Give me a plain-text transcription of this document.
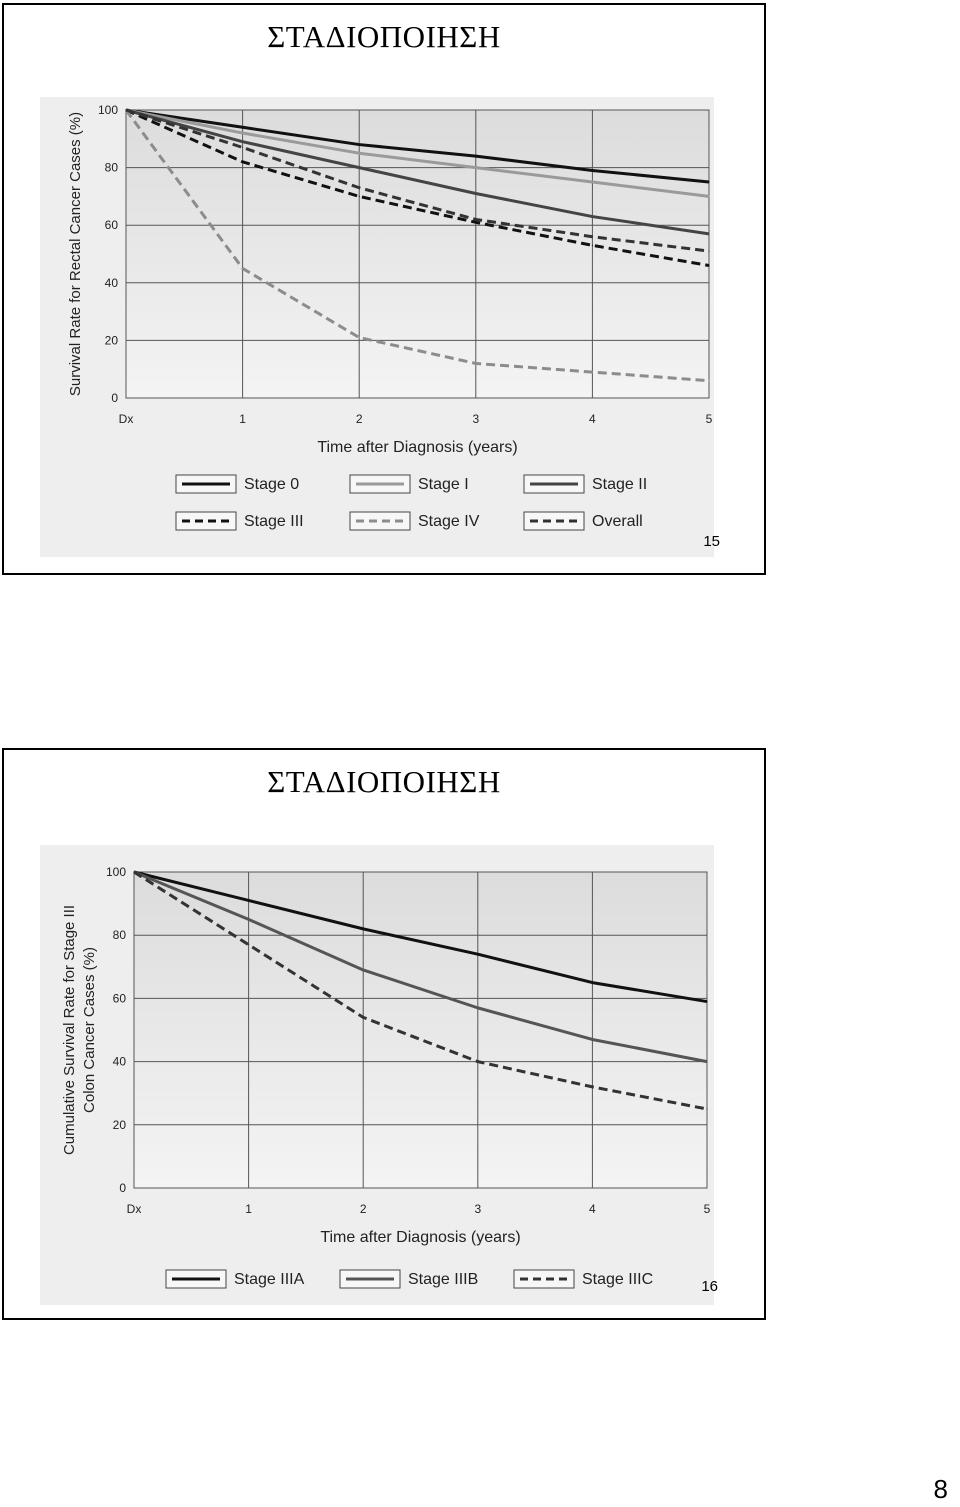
ΣΤΑΔΙΟΠΟΙΗΣΗ
0
20
40
60
80
100
Dx	1	2	3	4	5
Time after Diagnosis (years)
Survival Rate for Rectal Cancer Cases (%)
Stage 0	Stage I	Stage II
Stage III	Stage IV	Overall
15
ΣΤΑΔΙΟΠΟΙΗΣΗ
0
20
40
60
80
100
Dx	1	2	3	4	5
Time after Diagnosis (years)
Cumulative Survival Rate for Stage III Colon Cancer Cases (%)
Stage IIIA	Stage IIIB	Stage IIIC	16
8
